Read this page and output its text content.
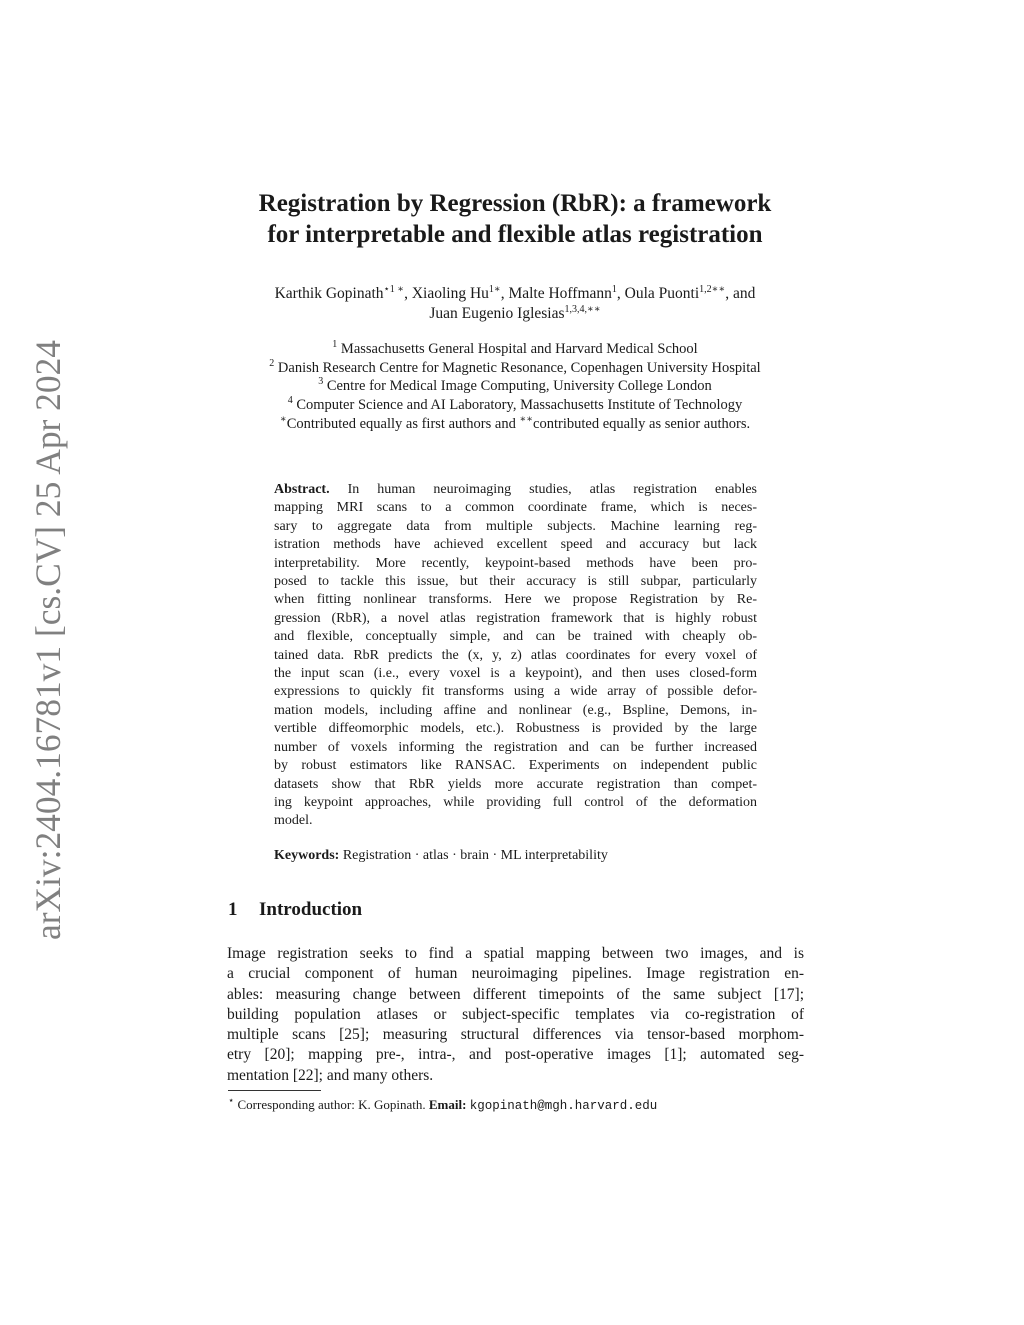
arXiv:2404.16781v1 [cs.CV] 25 Apr 2024
Registration by Regression (RbR): a framework
for interpretable and flexible atlas registration
Karthik Gopinath$^{⋆1 ∗}$, Xiaoling $Hu^{1∗}$, Malte Hoffmann$^1$, Oula Puonti$^{1,2∗∗}$, and
Juan Eugenio Iglesias$^{1,3,4,∗∗}$
$^1$ Massachusetts General Hospital and Harvard Medical School
$^2$ Danish Research Centre for Magnetic Resonance, Copenhagen University Hospital
$^3$ Centre for Medical Image Computing, University College London
$^4$ Computer Science and AI Laboratory, Massachusetts Institute of Technology
∗Contributed equally as first authors and ∗∗contributed equally as senior authors.
Abstract. In human neuroimaging studies, atlas registration enables
mapping MRI scans to a common coordinate frame, which is neces-
sary to aggregate data from multiple subjects. Machine learning reg-
istration methods have achieved excellent speed and accuracy but lack
interpretability. More recently, keypoint-based methods have been pro-
posed to tackle this issue, but their accuracy is still subpar, particularly
when fitting nonlinear transforms. Here we propose Registration by Re-
gression (RbR), a novel atlas registration framework that is highly robust
and flexible, conceptually simple, and can be trained with cheaply ob-
tained data. RbR predicts the (x, y, z) atlas coordinates for every voxel of
the input scan (i.e., every voxel is a keypoint), and then uses closed-form
expressions to quickly fit transforms using a wide array of possible defor-
mation models, including affine and nonlinear (e.g., Bspline, Demons, in-
vertible diffeomorphic models, etc.). Robustness is provided by the large
number of voxels informing the registration and can be further increased
by robust estimators like RANSAC. Experiments on independent public
datasets show that RbR yields more accurate registration than compet-
ing keypoint approaches, while providing full control of the deformation
model.
Keywords: Registration · atlas · brain · ML interpretability
1 Introduction
Image registration seeks to find a spatial mapping between two images, and is
a crucial component of human neuroimaging pipelines. Image registration en-
ables: measuring change between different timepoints of the same subject [17];
building population atlases or subject-specific templates via co-registration of
multiple scans [25]; measuring structural differences via tensor-based morphom-
etry [20]; mapping pre-, intra-, and post-operative images [1]; automated seg-
mentation [22]; and many others.
⋆ Corresponding author: K. Gopinath. Email: kgopinath@mgh.harvard.edu
